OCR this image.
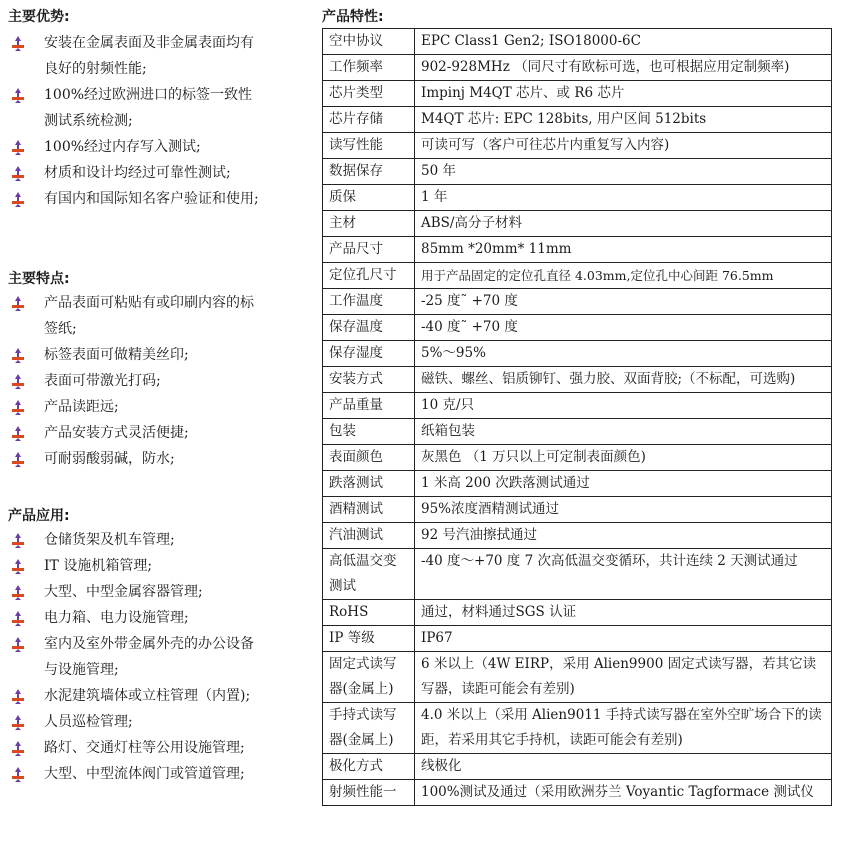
主要优势:
安装在金属表面及非金属表面均有良好的射频性能;
100%经过欧洲进口的标签一致性测试系统检测;
100%经过内存写入测试;
材质和设计均经过可靠性测试;
有国内和国际知名客户验证和使用;
主要特点:
产品表面可粘贴有或印刷内容的标签纸;
标签表面可做精美丝印;
表面可带激光打码;
产品读距远;
产品安装方式灵活便捷;
可耐弱酸弱碱，防水;
产品应用:
仓储货架及机车管理;
IT 设施机箱管理;
大型、中型金属容器管理;
电力箱、电力设施管理;
室内及室外带金属外壳的办公设备与设施管理;
水泥建筑墙体或立柱管理（内置);
人员巡检管理;
路灯、交通灯柱等公用设施管理;
大型、中型流体阀门或管道管理;
产品特性:
空中协议	EPC Class1 Gen2; ISO18000-6C
工作频率	902-928MHz （同尺寸有欧标可选，也可根据应用定制频率)
芯片类型	Impinj M4QT 芯片、或 R6 芯片
芯片存储	M4QT 芯片: EPC 128bits, 用户区间 512bits
读写性能	可读可写（客户可往芯片内重复写入内容)
数据保存	50 年
质保	1 年
主材	ABS/高分子材料
产品尺寸	85mm *20mm* 11mm
定位孔尺寸	用于产品固定的定位孔直径 4.03mm,定位孔中心间距 76.5mm
工作温度	-25 度˜ +70 度
保存温度	-40 度˜ +70 度
保存湿度	5%～95%
安装方式	磁铁、螺丝、铝质铆钉、强力胶、双面背胶;（不标配，可选购)
产品重量	10 克/只
包装	纸箱包装
表面颜色	灰黑色 （1 万只以上可定制表面颜色)
跌落测试	1 米高 200 次跌落测试通过
酒精测试	95%浓度酒精测试通过
汽油测试	92 号汽油擦拭通过
高低温交变测试	-40 度～+70 度 7 次高低温交变循环，共计连续 2 天测试通过
RoHS	通过，材料通过SGS 认证
IP 等级	IP67
固定式读写器(金属上)	6 米以上（4W EIRP，采用 Alien9900 固定式读写器，若其它读写器，读距可能会有差别)
手持式读写器(金属上)	4.0 米以上（采用 Alien9011 手持式读写器在室外空旷场合下的读距，若采用其它手持机，读距可能会有差别)
极化方式	线极化
射频性能一	100%测试及通过（采用欧洲芬兰 Voyantic Tagformace 测试仪
